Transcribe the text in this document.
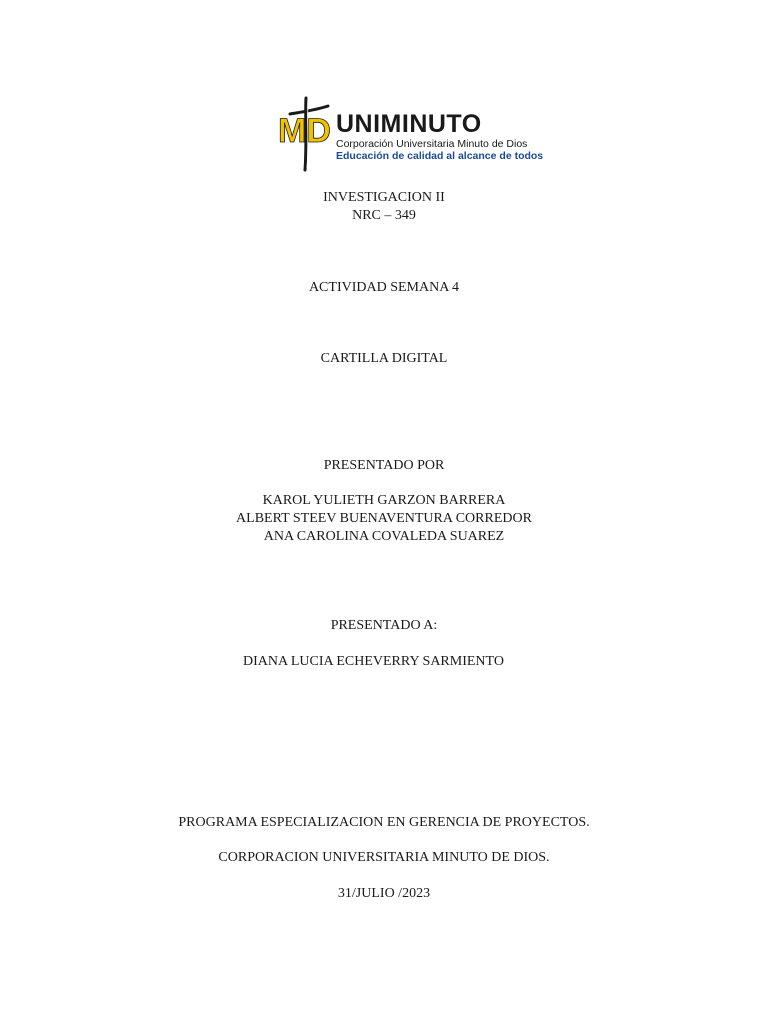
MD UNIMINUTO
Corporación Universitaria Minuto de Dios
Educación de calidad al alcance de todos
INVESTIGACION II
NRC – 349
ACTIVIDAD SEMANA 4
CARTILLA DIGITAL
PRESENTADO POR
KAROL YULIETH GARZON BARRERA
ALBERT STEEV BUENAVENTURA CORREDOR
ANA CAROLINA COVALEDA SUAREZ
PRESENTADO A:
DIANA LUCIA ECHEVERRY SARMIENTO
PROGRAMA ESPECIALIZACION EN GERENCIA DE PROYECTOS.
CORPORACION UNIVERSITARIA MINUTO DE DIOS.
31/JULIO /2023
